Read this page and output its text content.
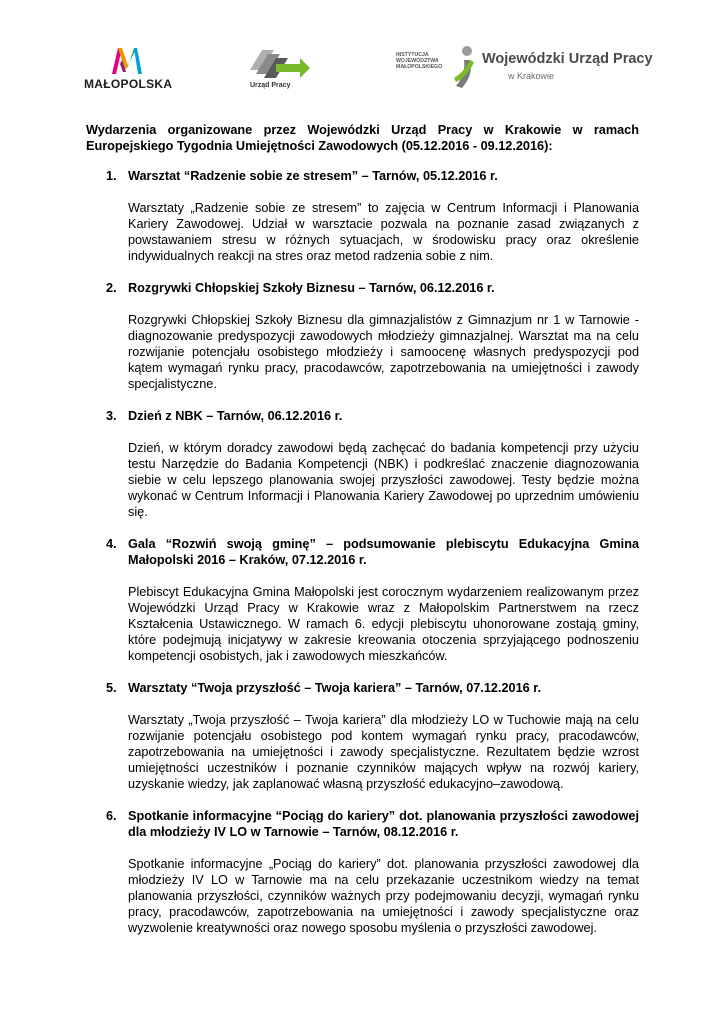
MAŁOPOLSKA	Urząd Pracy
INSTYTUCJA
WOJEWÓDZTWA
MAŁOPOLSKIEGO
Wojewódzki Urząd Pracy
w Krakowie

Wydarzenia organizowane przez Wojewódzki Urząd Pracy w Krakowie w ramach Europejskiego Tygodnia Umiejętności Zawodowych (05.12.2016 - 09.12.2016):

1. Warsztat “Radzenie sobie ze stresem” – Tarnów, 05.12.2016 r.

Warsztaty „Radzenie sobie ze stresem” to zajęcia w Centrum Informacji i Planowania Kariery Zawodowej. Udział w warsztacie pozwala na poznanie zasad związanych z powstawaniem stresu w różnych sytuacjach, w środowisku pracy oraz określenie indywidualnych reakcji na stres oraz metod radzenia sobie z nim.

2. Rozgrywki Chłopskiej Szkoły Biznesu – Tarnów, 06.12.2016 r.

Rozgrywki Chłopskiej Szkoły Biznesu dla gimnazjalistów z Gimnazjum nr 1 w Tarnowie - diagnozowanie predyspozycji zawodowych młodzieży gimnazjalnej. Warsztat ma na celu rozwijanie potencjału osobistego młodzieży i samoocenę własnych predyspozycji pod kątem wymagań rynku pracy, pracodawców, zapotrzebowania na umiejętności i zawody specjalistyczne.

3. Dzień z NBK – Tarnów, 06.12.2016 r.

Dzień, w którym doradcy zawodowi będą zachęcać do badania kompetencji przy użyciu testu Narzędzie do Badania Kompetencji (NBK) i podkreślać znaczenie diagnozowania siebie w celu lepszego planowania swojej przyszłości zawodowej. Testy będzie można wykonać w Centrum Informacji i Planowania Kariery Zawodowej po uprzednim umówieniu się.

4. Gala “Rozwiń swoją gminę” – podsumowanie plebiscytu Edukacyjna Gmina Małopolski 2016 – Kraków, 07.12.2016 r.

Plebiscyt Edukacyjna Gmina Małopolski jest corocznym wydarzeniem realizowanym przez Wojewódzki Urząd Pracy w Krakowie wraz z Małopolskim Partnerstwem na rzecz Kształcenia Ustawicznego. W ramach 6. edycji plebiscytu uhonorowane zostają gminy, które podejmują inicjatywy w zakresie kreowania otoczenia sprzyjającego podnoszeniu kompetencji osobistych, jak i zawodowych mieszkańców.

5. Warsztaty “Twoja przyszłość – Twoja kariera” – Tarnów, 07.12.2016 r.

Warsztaty „Twoja przyszłość – Twoja kariera” dla młodzieży LO w Tuchowie mają na celu rozwijanie potencjału osobistego pod kontem wymagań rynku pracy, pracodawców, zapotrzebowania na umiejętności i zawody specjalistyczne. Rezultatem będzie wzrost umiejętności uczestników i poznanie czynników mających wpływ na rozwój kariery, uzyskanie wiedzy, jak zaplanować własną przyszłość edukacyjno–zawodową.

6. Spotkanie informacyjne “Pociąg do kariery” dot. planowania przyszłości zawodowej dla młodzieży IV LO w Tarnowie – Tarnów, 08.12.2016 r.

Spotkanie informacyjne „Pociąg do kariery” dot. planowania przyszłości zawodowej dla młodzieży IV LO w Tarnowie ma na celu przekazanie uczestnikom wiedzy na temat planowania przyszłości, czynników ważnych przy podejmowaniu decyzji, wymagań rynku pracy, pracodawców, zapotrzebowania na umiejętności i zawody specjalistyczne oraz wyzwolenie kreatywności oraz nowego sposobu myślenia o przyszłości zawodowej.
